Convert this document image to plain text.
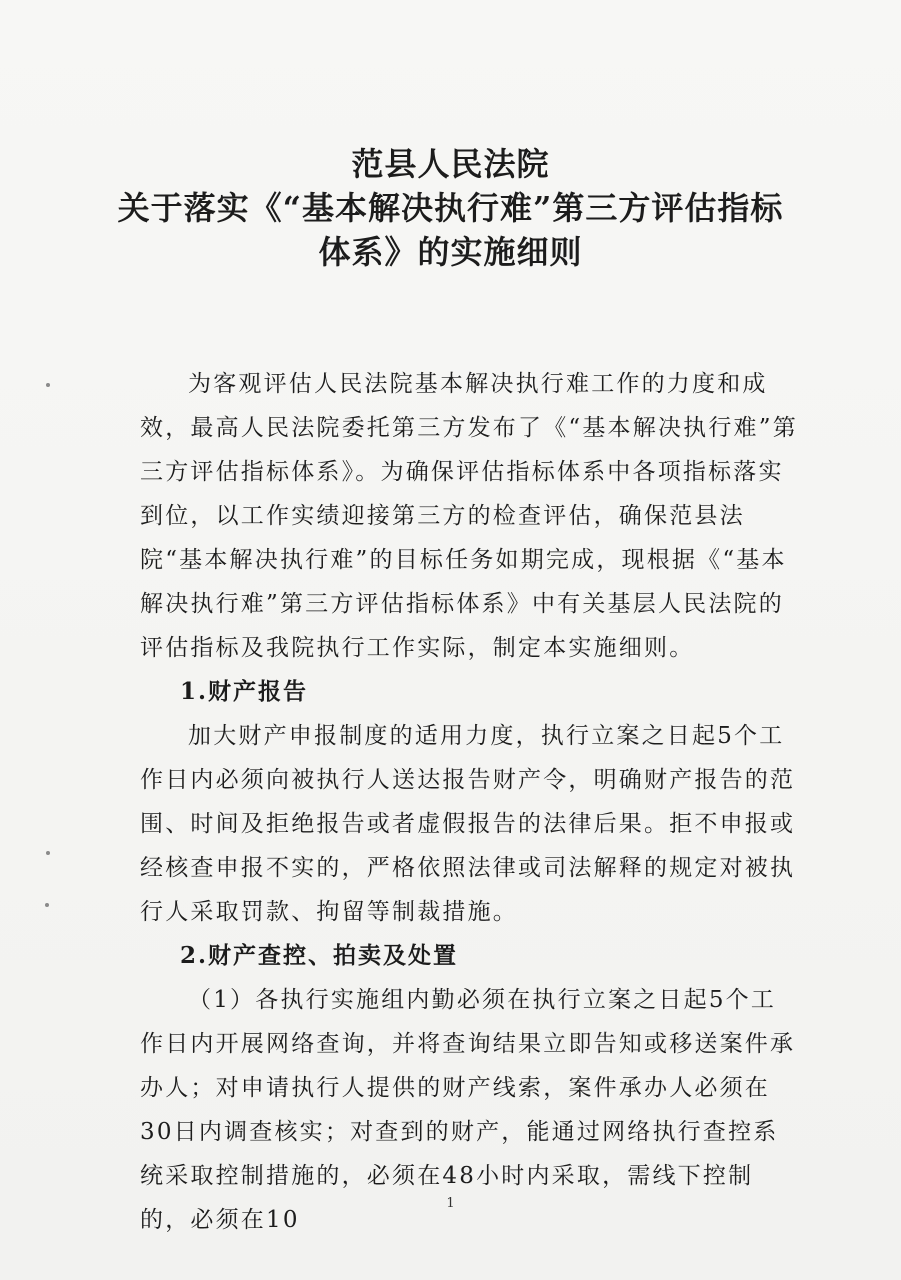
范县人民法院
关于落实《“基本解决执行难”第三方评估指标
体系》的实施细则

为客观评估人民法院基本解决执行难工作的力度和成效，最高人民法院委托第三方发布了《“基本解决执行难”第三方评估指标体系》。为确保评估指标体系中各项指标落实到位，以工作实绩迎接第三方的检查评估，确保范县法院“基本解决执行难”的目标任务如期完成，现根据《“基本解决执行难”第三方评估指标体系》中有关基层人民法院的评估指标及我院执行工作实际，制定本实施细则。

1.财产报告

加大财产申报制度的适用力度，执行立案之日起5个工作日内必须向被执行人送达报告财产令，明确财产报告的范围、时间及拒绝报告或者虚假报告的法律后果。拒不申报或经核查申报不实的，严格依照法律或司法解释的规定对被执行人采取罚款、拘留等制裁措施。

2.财产查控、拍卖及处置

（1）各执行实施组内勤必须在执行立案之日起5个工作日内开展网络查询，并将查询结果立即告知或移送案件承办人；对申请执行人提供的财产线索，案件承办人必须在30日内调查核实；对查到的财产，能通过网络执行查控系统采取控制措施的，必须在48小时内采取，需线下控制的，必须在10

1
